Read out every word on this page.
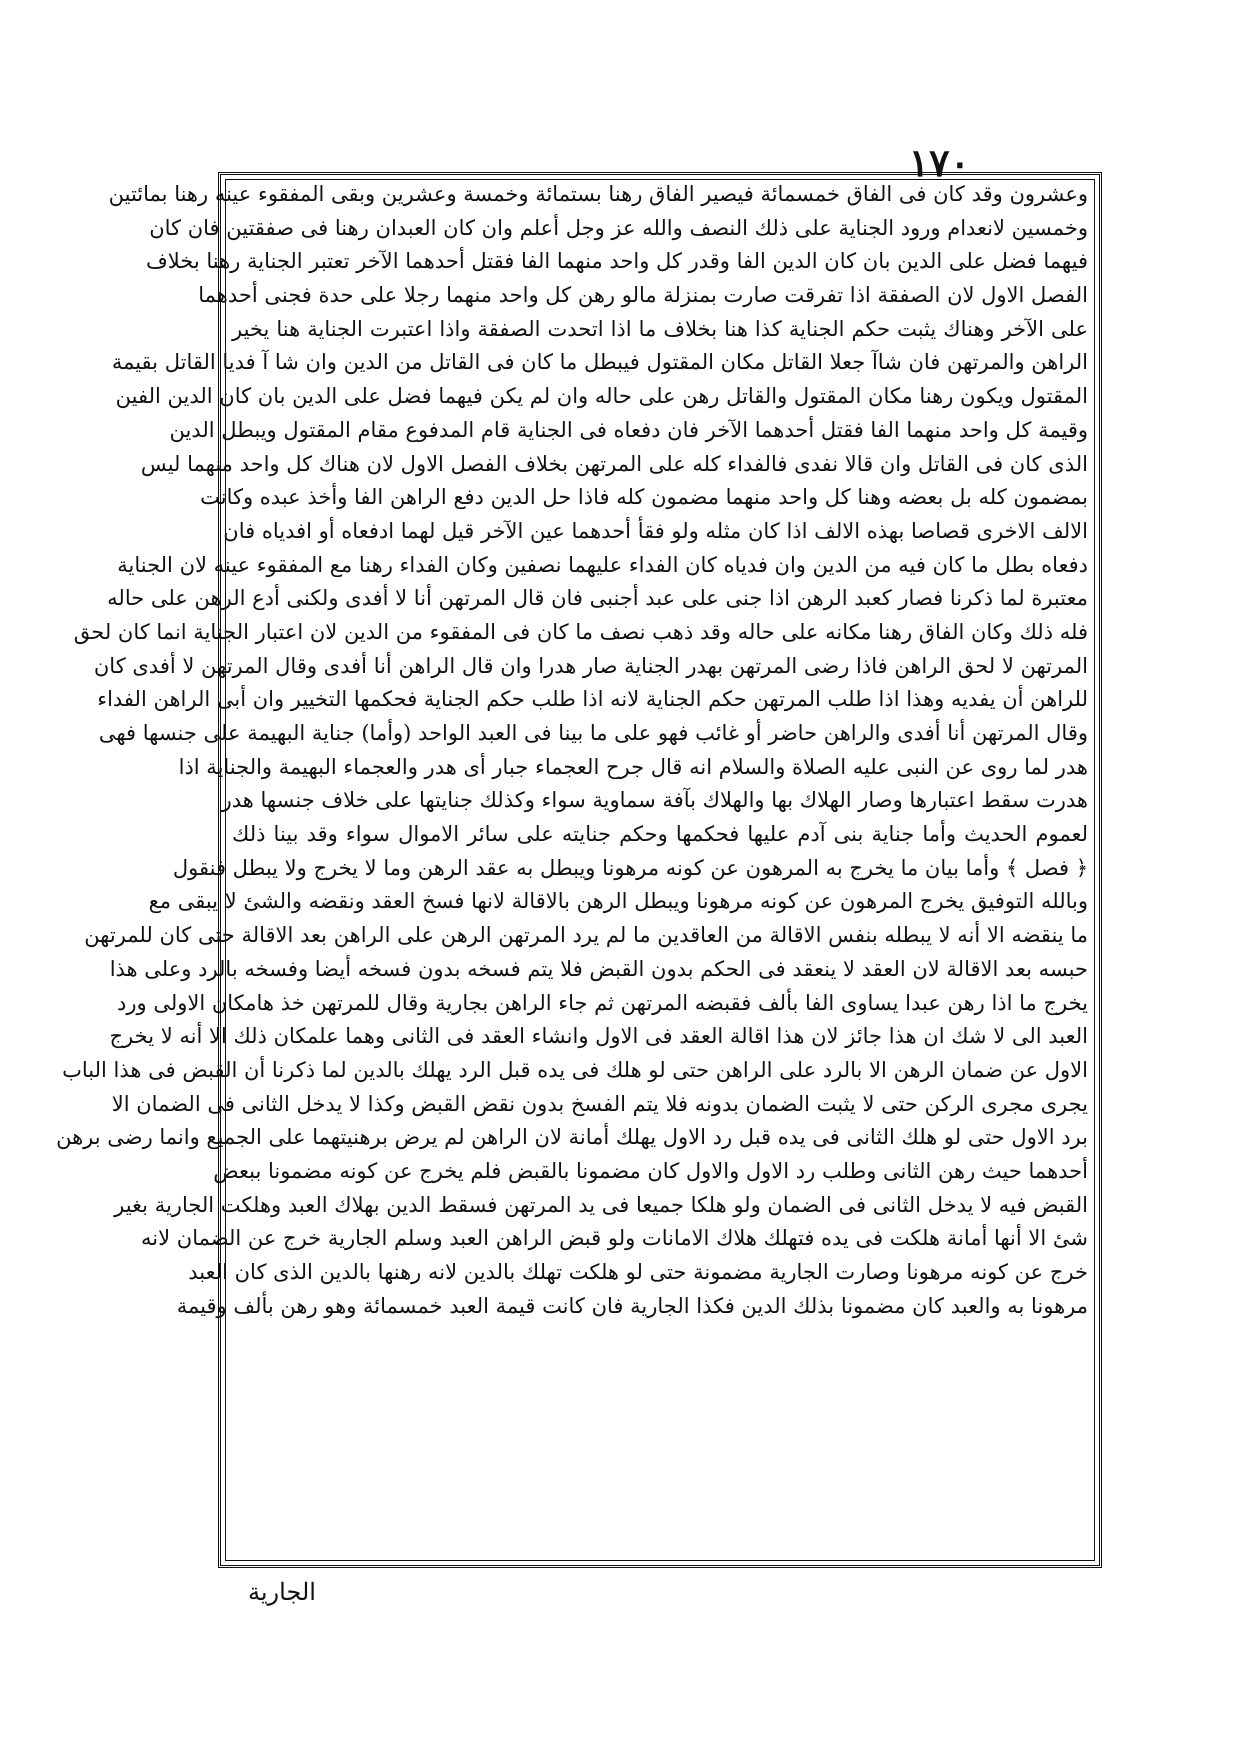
١٧٠
وعشرون وقد كان فى الفاق خمسمائة فيصير الفاق رهنا بستمائة وخمسة وعشرين وبقى المفقوء عينه رهنا بمائتين
وخمسين لانعدام ورود الجناية على ذلك النصف والله عز وجل أعلم وان كان العبدان رهنا فى صفقتين فان كان
فيهما فضل على الدين بان كان الدين الفا وقدر كل واحد منهما الفا فقتل أحدهما الآخر تعتبر الجناية رهنا بخلاف
الفصل الاول لان الصفقة اذا تفرقت صارت بمنزلة مالو رهن كل واحد منهما رجلا على حدة فجنى أحدهما
على الآخر وهناك يثبت حكم الجناية كذا هنا بخلاف ما اذا اتحدت الصفقة واذا اعتبرت الجناية هنا يخير
الراهن والمرتهن فان شاآ جعلا القاتل مكان المقتول فيبطل ما كان فى القاتل من الدين وان شا آ فديا القاتل بقيمة
المقتول ويكون رهنا مكان المقتول والقاتل رهن على حاله وان لم يكن فيهما فضل على الدين بان كان الدين الفين
وقيمة كل واحد منهما الفا فقتل أحدهما الآخر فان دفعاه فى الجناية قام المدفوع مقام المقتول ويبطل الدين
الذى كان فى القاتل وان قالا نفدى فالفداء كله على المرتهن بخلاف الفصل الاول لان هناك كل واحد منهما ليس
بمضمون كله بل بعضه وهنا كل واحد منهما مضمون كله فاذا حل الدين دفع الراهن الفا وأخذ عبده وكانت
الالف الاخرى قصاصا بهذه الالف اذا كان مثله ولو فقأ أحدهما عين الآخر قيل لهما ادفعاه أو افدياه فان
دفعاه بطل ما كان فيه من الدين وان فدياه كان الفداء عليهما نصفين وكان الفداء رهنا مع المفقوء عينه لان الجناية
معتبرة لما ذكرنا فصار كعبد الرهن اذا جنى على عبد أجنبى فان قال المرتهن أنا لا أفدى ولكنى أدع الرهن على حاله
فله ذلك وكان الفاق رهنا مكانه على حاله وقد ذهب نصف ما كان فى المفقوء من الدين لان اعتبار الجناية انما كان لحق
المرتهن لا لحق الراهن فاذا رضى المرتهن بهدر الجناية صار هدرا وان قال الراهن أنا أفدى وقال المرتهن لا أفدى كان
للراهن أن يفديه وهذا اذا طلب المرتهن حكم الجناية لانه اذا طلب حكم الجناية فحكمها التخيير وان أبى الراهن الفداء
وقال المرتهن أنا أفدى والراهن حاضر أو غائب فهو على ما بينا فى العبد الواحد (وأما) جناية البهيمة على جنسها فهى
هدر لما روى عن النبى عليه الصلاة والسلام انه قال جرح العجماء جبار أى هدر والعجماء البهيمة والجناية اذا
هدرت سقط اعتبارها وصار الهلاك بها والهلاك بآفة سماوية سواء وكذلك جنايتها على خلاف جنسها هدر
لعموم الحديث وأما جناية بنى آدم عليها فحكمها وحكم جنايته على سائر الاموال سواء وقد بينا ذلك
﴿ فصل ﴾ وأما بيان ما يخرج به المرهون عن كونه مرهونا ويبطل به عقد الرهن وما لا يخرج ولا يبطل فنقول
وبالله التوفيق يخرج المرهون عن كونه مرهونا ويبطل الرهن بالاقالة لانها فسخ العقد ونقضه والشئ لا يبقى مع
ما ينقضه الا أنه لا يبطله بنفس الاقالة من العاقدين ما لم يرد المرتهن الرهن على الراهن بعد الاقالة حتى كان للمرتهن
حبسه بعد الاقالة لان العقد لا ينعقد فى الحكم بدون القبض فلا يتم فسخه بدون فسخه أيضا وفسخه بالرد وعلى هذا
يخرج ما اذا رهن عبدا يساوى الفا بألف فقبضه المرتهن ثم جاء الراهن بجارية وقال للمرتهن خذ هامكان الاولى ورد
العبد الى لا شك ان هذا جائز لان هذا اقالة العقد فى الاول وانشاء العقد فى الثانى وهما علمكان ذلك الا أنه لا يخرج
الاول عن ضمان الرهن الا بالرد على الراهن حتى لو هلك فى يده قبل الرد يهلك بالدين لما ذكرنا أن القبض فى هذا الباب
يجرى مجرى الركن حتى لا يثبت الضمان بدونه فلا يتم الفسخ بدون نقض القبض وكذا لا يدخل الثانى فى الضمان الا
برد الاول حتى لو هلك الثانى فى يده قبل رد الاول يهلك أمانة لان الراهن لم يرض برهنيتهما على الجميع وانما رضى برهن
أحدهما حيث رهن الثانى وطلب رد الاول والاول كان مضمونا بالقبض فلم يخرج عن كونه مضمونا ببعض
القبض فيه لا يدخل الثانى فى الضمان ولو هلكا جميعا فى يد المرتهن فسقط الدين بهلاك العبد وهلكت الجارية بغير
شئ الا أنها أمانة هلكت فى يده فتهلك هلاك الامانات ولو قبض الراهن العبد وسلم الجارية خرج عن الضمان لانه
خرج عن كونه مرهونا وصارت الجارية مضمونة حتى لو هلكت تهلك بالدين لانه رهنها بالدين الذى كان العبد
مرهونا به والعبد كان مضمونا بذلك الدين فكذا الجارية فان كانت قيمة العبد خمسمائة وهو رهن بألف وقيمة
الجارية
